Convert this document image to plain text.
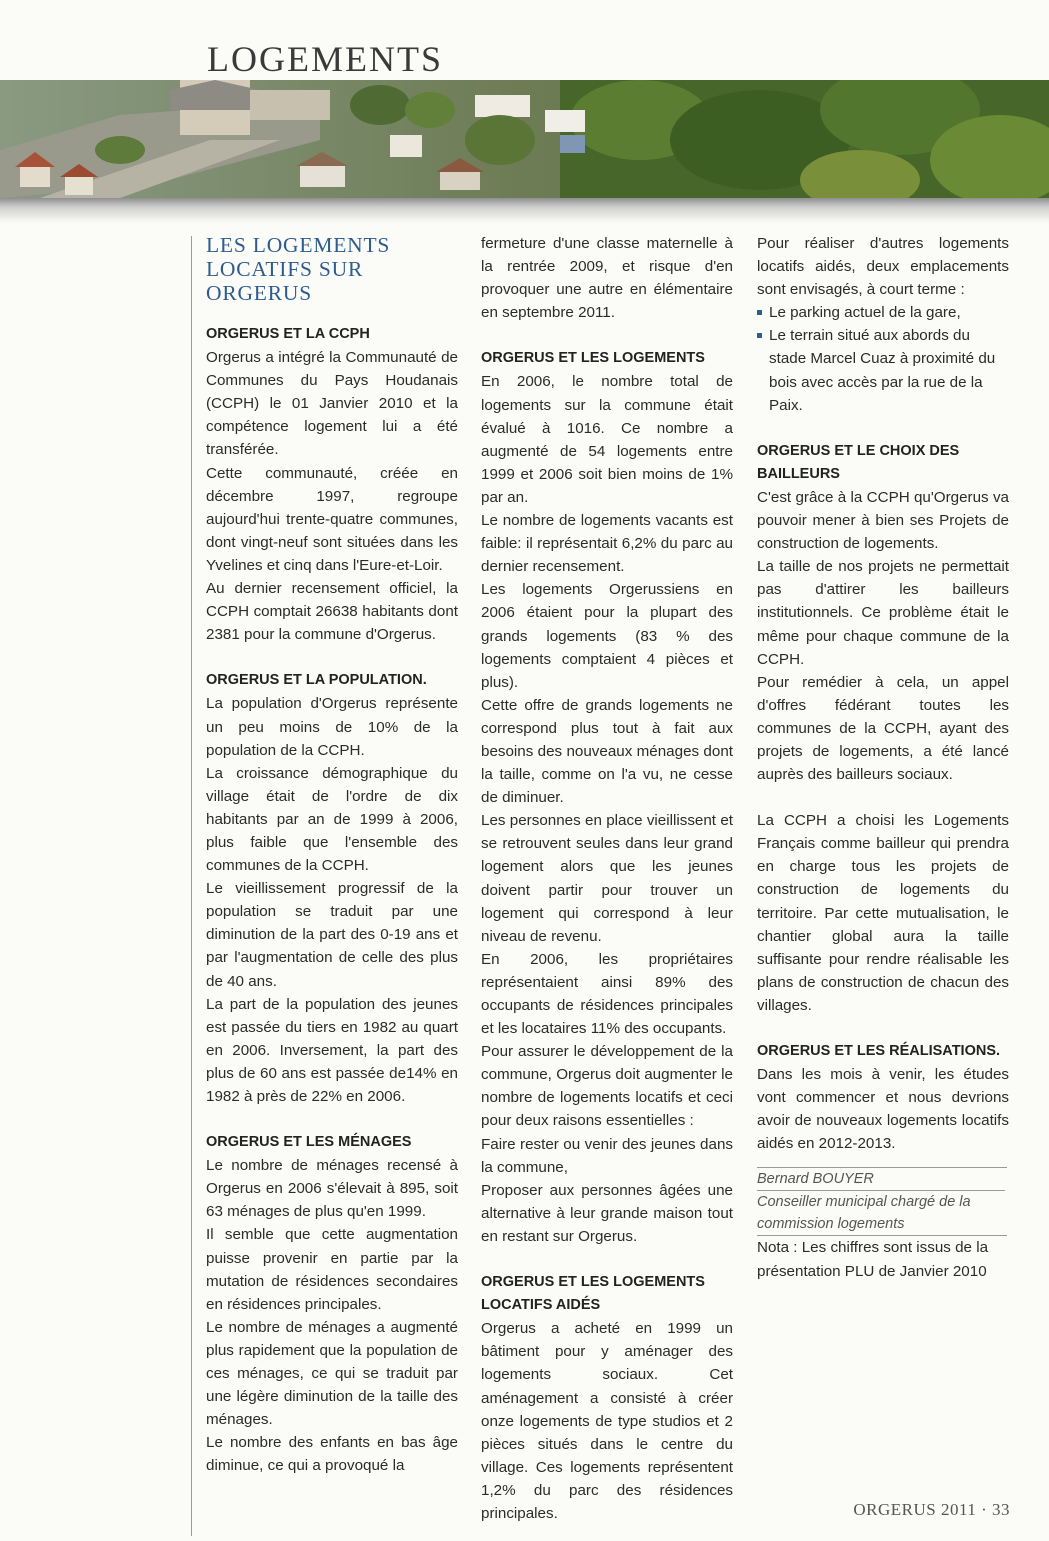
LOGEMENTS
LES LOGEMENTS
LOCATIFS SUR
ORGERUS

ORGERUS ET LA CCPH

Orgerus a intégré la Communauté de Communes du Pays Houdanais (CCPH) le 01 Janvier 2010 et la compétence logement lui a été transférée.

Cette communauté, créée en décembre 1997, regroupe aujourd'hui trente-quatre communes, dont vingt-neuf sont situées dans les Yvelines et cinq dans l'Eure-et-Loir.

Au dernier recensement officiel, la CCPH comptait 26638 habitants dont 2381 pour la commune d'Orgerus.

ORGERUS ET LA POPULATION.

La population d'Orgerus représente un peu moins de 10% de la population de la CCPH.

La croissance démographique du village était de l'ordre de dix habitants par an de 1999 à 2006, plus faible que l'ensemble des communes de la CCPH.

Le vieillissement progressif de la population se traduit par une diminution de la part des 0-19 ans et par l'augmentation de celle des plus de 40 ans.

La part de la population des jeunes est passée du tiers en 1982 au quart en 2006. Inversement, la part des plus de 60 ans est passée de14% en 1982 à près de 22% en 2006.

ORGERUS ET LES MÉNAGES

Le nombre de ménages recensé à Orgerus en 2006 s'élevait à 895, soit 63 ménages de plus qu'en 1999.

Il semble que cette augmentation puisse provenir en partie par la mutation de résidences secondaires en résidences principales.

Le nombre de ménages a augmenté plus rapidement que la population de ces ménages, ce qui se traduit par une légère diminution de la taille des ménages.

Le nombre des enfants en bas âge diminue, ce qui a provoqué la

fermeture d'une classe maternelle à la rentrée 2009, et risque d'en provoquer une autre en élémentaire en septembre 2011.

ORGERUS ET LES LOGEMENTS

En 2006, le nombre total de logements sur la commune était évalué à 1016. Ce nombre a augmenté de 54 logements entre 1999 et 2006 soit bien moins de 1% par an.

Le nombre de logements vacants est faible: il représentait 6,2% du parc au dernier recensement.

Les logements Orgerussiens en 2006 étaient pour la plupart des grands logements (83 % des logements comptaient 4 pièces et plus).

Cette offre de grands logements ne correspond plus tout à fait aux besoins des nouveaux ménages dont la taille, comme on l'a vu, ne cesse de diminuer.

Les personnes en place vieillissent et se retrouvent seules dans leur grand logement alors que les jeunes doivent partir pour trouver un logement qui correspond à leur niveau de revenu.

En 2006, les propriétaires représentaient ainsi 89% des occupants de résidences principales et les locataires 11% des occupants.

Pour assurer le développement de la commune, Orgerus doit augmenter le nombre de logements locatifs et ceci pour deux raisons essentielles :

Faire rester ou venir des jeunes dans la commune,

Proposer aux personnes âgées une alternative à leur grande maison tout en restant sur Orgerus.

ORGERUS ET LES LOGEMENTS LOCATIFS AIDÉS

Orgerus a acheté en 1999 un bâtiment pour y aménager des logements sociaux. Cet aménagement a consisté à créer onze logements de type studios et 2 pièces situés dans le centre du village. Ces logements représentent 1,2% du parc des résidences principales.

Pour réaliser d'autres logements locatifs aidés, deux emplacements sont envisagés, à court terme :

Le parking actuel de la gare,
Le terrain situé aux abords du stade Marcel Cuaz à proximité du bois avec accès par la rue de la Paix.

ORGERUS ET LE CHOIX DES BAILLEURS

C'est grâce à la CCPH qu'Orgerus va pouvoir mener à bien ses Projets de construction de logements.

La taille de nos projets ne permettait pas d'attirer les bailleurs institutionnels. Ce problème était le même pour chaque commune de la CCPH.

Pour remédier à cela, un appel d'offres fédérant toutes les communes de la CCPH, ayant des projets de logements, a été lancé auprès des bailleurs sociaux.

La CCPH a choisi les Logements Français comme bailleur qui prendra en charge tous les projets de construction de logements du territoire. Par cette mutualisation, le chantier global aura la taille suffisante pour rendre réalisable les plans de construction de chacun des villages.

ORGERUS ET LES RÉALISATIONS.

Dans les mois à venir, les études vont commencer et nous devrions avoir de nouveaux logements locatifs aidés en 2012-2013.

Bernard BOUYER
Conseiller municipal chargé de la commission logements

Nota : Les chiffres sont issus de la présentation PLU de Janvier 2010

ORGERUS 2011 · 33
